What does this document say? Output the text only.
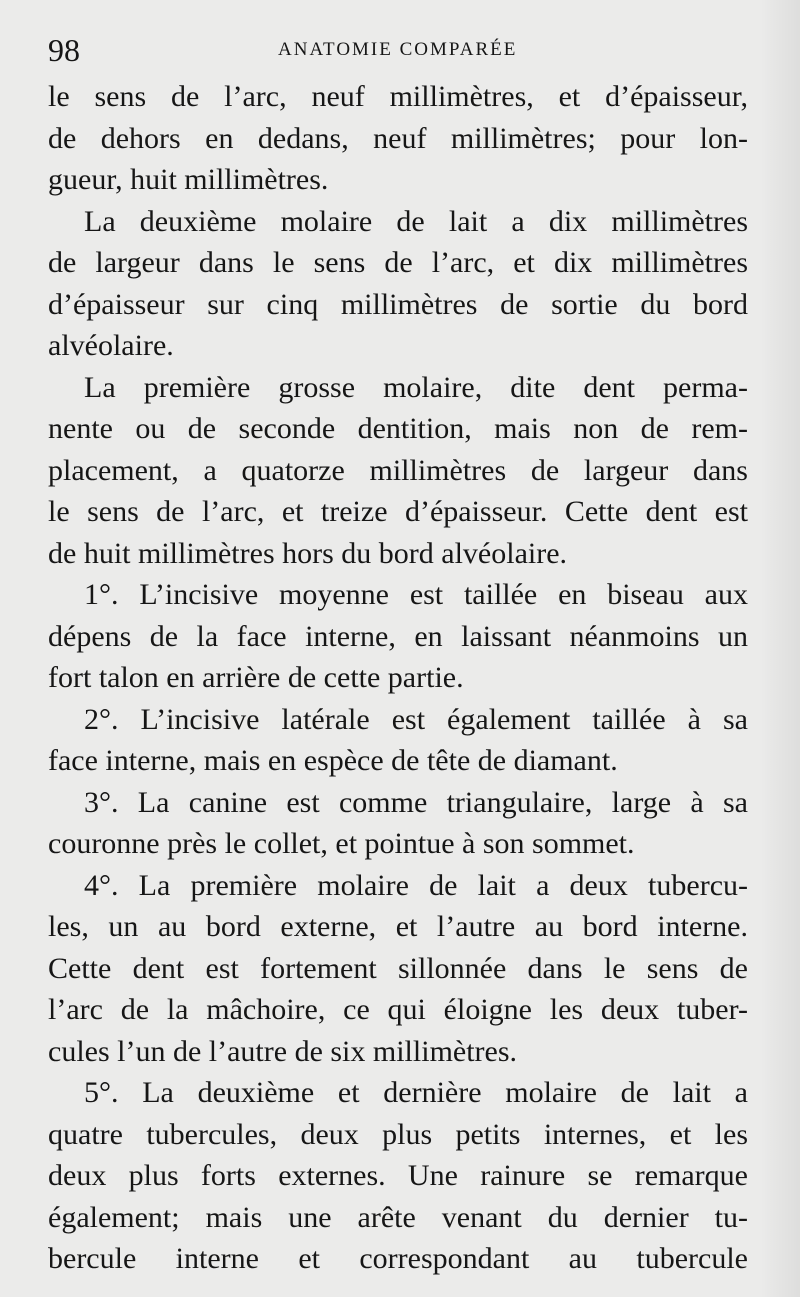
98	ANATOMIE COMPARÉE
le sens de l’arc, neuf millimètres, et d’épaisseur,
de dehors en dedans, neuf millimètres; pour lon-
gueur, huit millimètres.
La deuxième molaire de lait a dix millimètres
de largeur dans le sens de l’arc, et dix millimètres
d’épaisseur sur cinq millimètres de sortie du bord
alvéolaire.
La première grosse molaire, dite dent perma-
nente ou de seconde dentition, mais non de rem-
placement, a quatorze millimètres de largeur dans
le sens de l’arc, et treize d’épaisseur. Cette dent est
de huit millimètres hors du bord alvéolaire.
1°. L’incisive moyenne est taillée en biseau aux
dépens de la face interne, en laissant néanmoins un
fort talon en arrière de cette partie.
2°. L’incisive latérale est également taillée à sa
face interne, mais en espèce de tête de diamant.
3°. La canine est comme triangulaire, large à sa
couronne près le collet, et pointue à son sommet.
4°. La première molaire de lait a deux tubercu-
les, un au bord externe, et l’autre au bord interne.
Cette dent est fortement sillonnée dans le sens de
l’arc de la mâchoire, ce qui éloigne les deux tuber-
cules l’un de l’autre de six millimètres.
5°. La deuxième et dernière molaire de lait a
quatre tubercules, deux plus petits internes, et les
deux plus forts externes. Une rainure se remarque
également; mais une arête venant du dernier tu-
bercule interne et correspondant au tubercule
